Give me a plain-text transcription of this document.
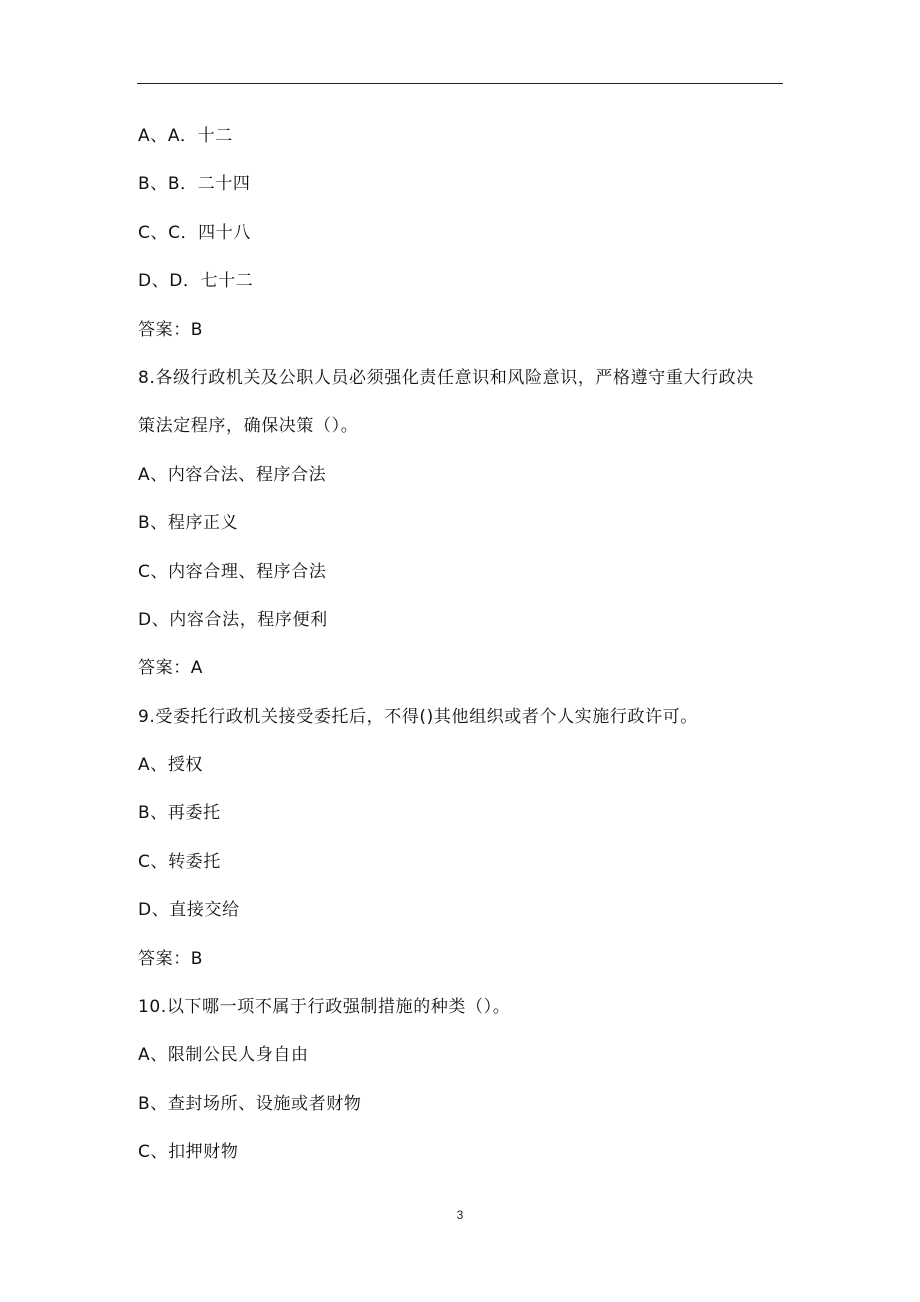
A、A．十二
B、B．二十四
C、C．四十八
D、D．七十二
答案：B
8.各级行政机关及公职人员必须强化责任意识和风险意识，严格遵守重大行政决
策法定程序，确保决策（）。
A、内容合法、程序合法
B、程序正义
C、内容合理、程序合法
D、内容合法，程序便利
答案：A
9.受委托行政机关接受委托后，不得()其他组织或者个人实施行政许可。
A、授权
B、再委托
C、转委托
D、直接交给
答案：B
10.以下哪一项不属于行政强制措施的种类（）。
A、限制公民人身自由
B、查封场所、设施或者财物
C、扣押财物
3
